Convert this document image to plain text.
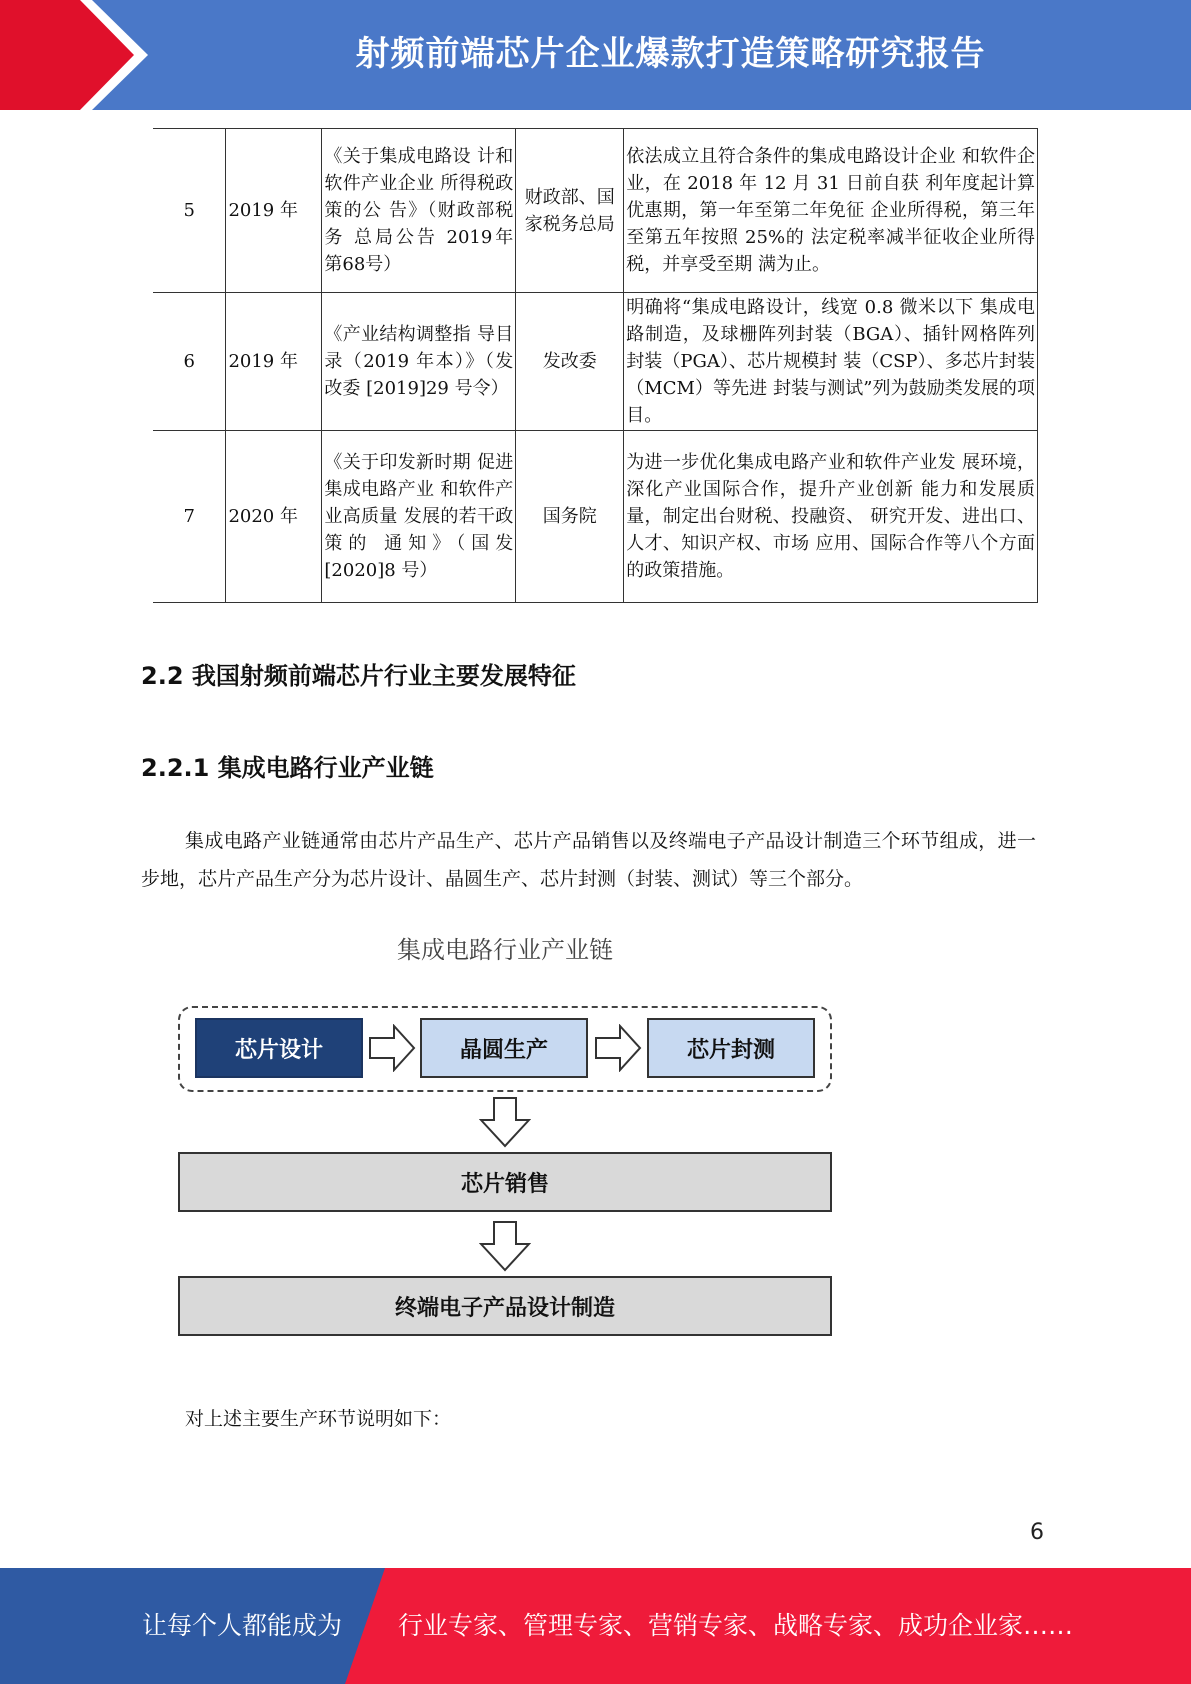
射频前端芯片企业爆款打造策略研究报告
5	2019 年	《关于集成电路设 计和软件产业企业 所得税政策的公 告》（财政部税务 总局公告 2019年 第68号）	财政部、国家税务总局	依法成立且符合条件的集成电路设计企业 和软件企业，在 2018 年 12 月 31 日前自获 利年度起计算优惠期，第一年至第二年免征 企业所得税，第三年至第五年按照 25%的 法定税率减半征收企业所得税，并享受至期 满为止。
6	2019 年	《产业结构调整指 导目录（2019 年本）》（发改委 [2019]29 号令）	发改委	明确将“集成电路设计，线宽 0.8 微米以下 集成电路制造，及球栅阵列封装（BGA）、插针网格阵列封装（PGA）、芯片规模封 装（CSP）、多芯片封装（MCM）等先进 封装与测试”列为鼓励类发展的项目。
7	2020 年	《关于印发新时期 促进集成电路产业 和软件产业高质量 发展的若干政策的 通知》（国发[2020]8 号）	国务院	为进一步优化集成电路产业和软件产业发 展环境，深化产业国际合作，提升产业创新 能力和发展质量，制定出台财税、投融资、 研究开发、进出口、人才、知识产权、市场 应用、国际合作等八个方面的政策措施。
2.2 我国射频前端芯片行业主要发展特征
2.2.1 集成电路行业产业链

集成电路产业链通常由芯片产品生产、芯片产品销售以及终端电子产品设计制造三个环节组成，进一步地，芯片产品生产分为芯片设计、晶圆生产、芯片封测（封装、测试）等三个部分。

集成电路行业产业链
芯片设计	晶圆生产	芯片封测
芯片销售
终端电子产品设计制造

对上述主要生产环节说明如下：

6
让每个人都能成为 行业专家、管理专家、营销专家、战略专家、成功企业家……
